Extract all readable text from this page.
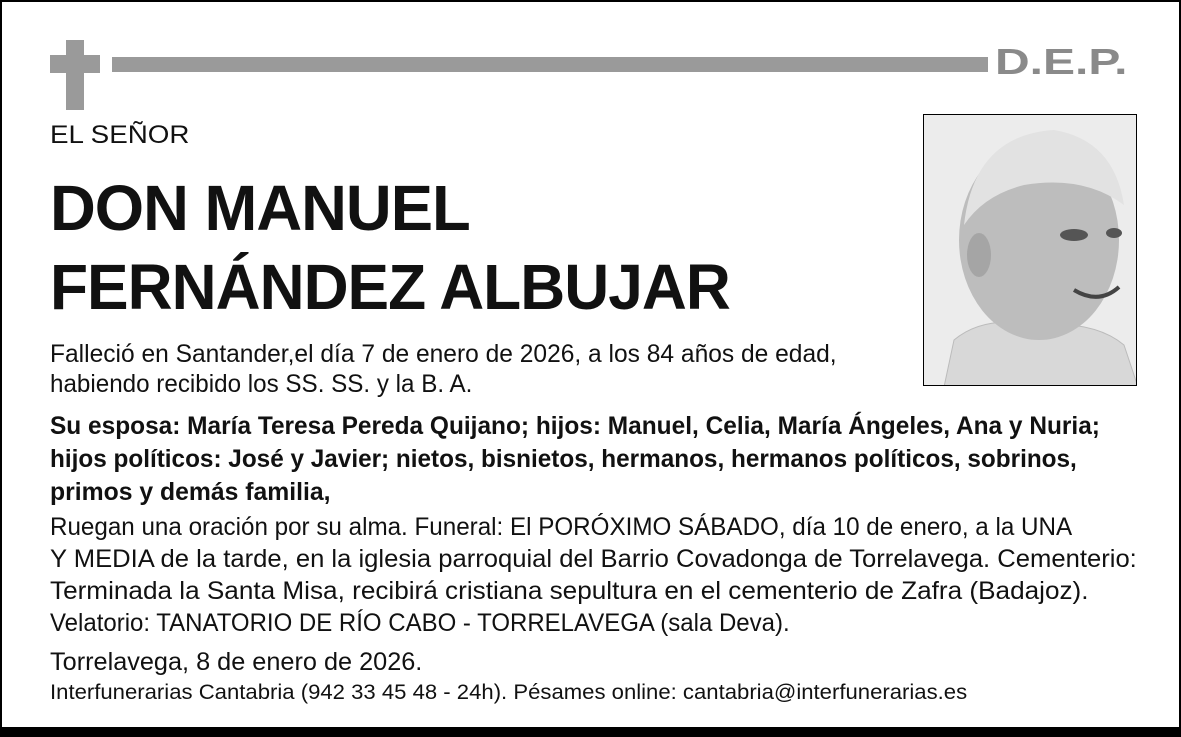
D.E.P.
EL SEÑOR
DON MANUEL
FERNÁNDEZ ALBUJAR
Falleció en Santander,el día 7 de enero de 2026, a los 84 años de edad,
habiendo recibido los SS. SS. y la B. A.
Su esposa: María Teresa Pereda Quijano; hijos: Manuel, Celia, María Ángeles, Ana y Nuria;
hijos políticos: José y Javier; nietos, bisnietos, hermanos, hermanos políticos, sobrinos,
primos y demás familia,
Ruegan una oración por su alma. Funeral: El PORÓXIMO SÁBADO, día 10 de enero, a la UNA
Y MEDIA de la tarde, en la iglesia parroquial del Barrio Covadonga de Torrelavega. Cementerio:
Terminada la Santa Misa, recibirá cristiana sepultura en el cementerio de Zafra (Badajoz).
Velatorio: TANATORIO DE RÍO CABO - TORRELAVEGA (sala Deva).
Torrelavega, 8 de enero de 2026.
Interfunerarias Cantabria (942 33 45 48 - 24h). Pésames online: cantabria@interfunerarias.es
